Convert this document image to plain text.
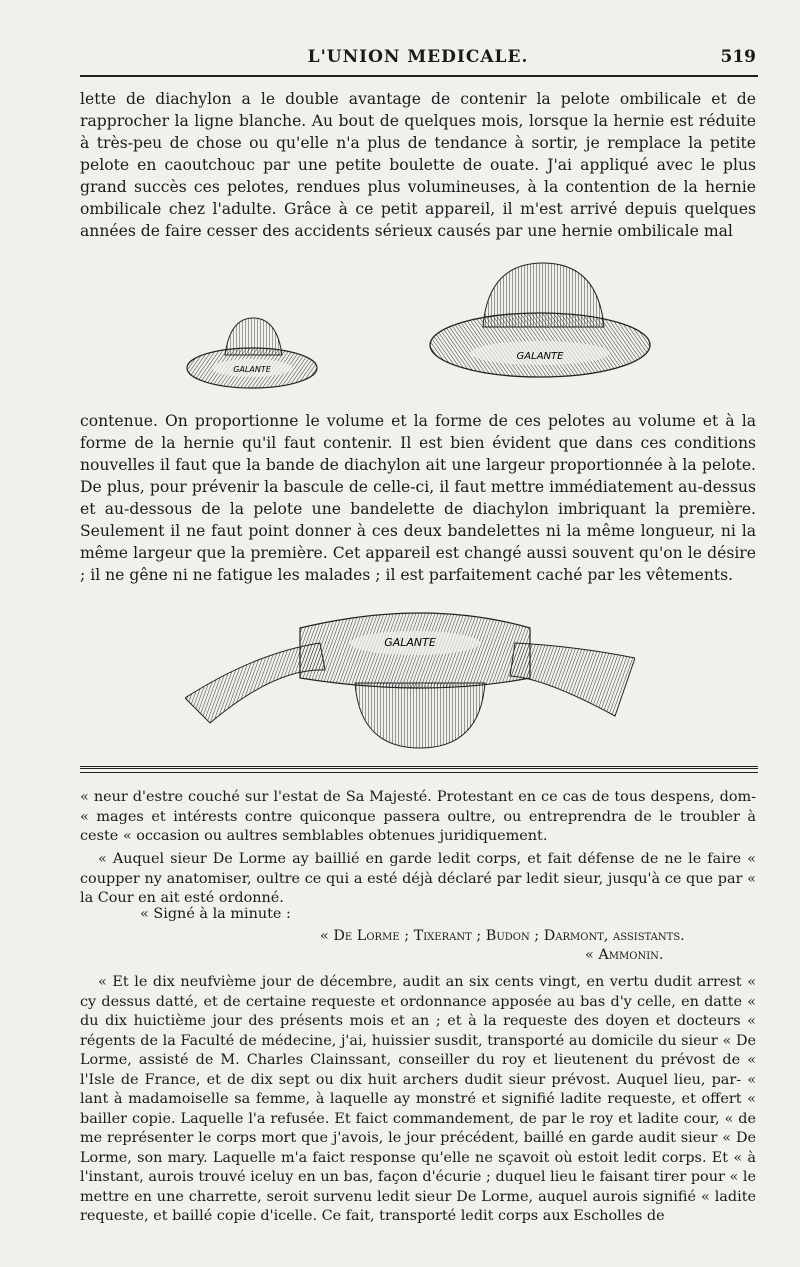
L'UNION MEDICALE.	519

lette de diachylon a le double avantage de contenir la pelote ombilicale et de rapprocher la ligne blanche. Au bout de quelques mois, lorsque la hernie est réduite à très-peu de chose ou qu'elle n'a plus de tendance à sortir, je remplace la petite pelote en caoutchouc par une petite boulette de ouate. J'ai appliqué avec le plus grand succès ces pelotes, rendues plus volumineuses, à la contention de la hernie ombilicale chez l'adulte. Grâce à ce petit appareil, il m'est arrivé depuis quelques années de faire cesser des accidents sérieux causés par une hernie ombilicale mal

GALANTE
GALANTE

contenue. On proportionne le volume et la forme de ces pelotes au volume et à la forme de la hernie qu'il faut contenir. Il est bien évident que dans ces conditions nouvelles il faut que la bande de diachylon ait une largeur proportionnée à la pelote. De plus, pour prévenir la bascule de celle-ci, il faut mettre immédiatement au-dessus et au-dessous de la pelote une bandelette de diachylon imbriquant la première. Seulement il ne faut point donner à ces deux bandelettes ni la même longueur, ni la même largeur que la première. Cet appareil est changé aussi souvent qu'on le désire ; il ne gêne ni ne fatigue les malades ; il est parfaitement caché par les vêtements.

GALANTE

« neur d'estre couché sur l'estat de Sa Majesté. Protestant en ce cas de tous despens, dom- « mages et intérests contre quiconque passera oultre, ou entreprendra de le troubler à ceste « occasion ou aultres semblables obtenues juridiquement.

« Auquel sieur De Lorme ay baillié en garde ledit corps, et fait défense de ne le faire « coupper ny anatomiser, oultre ce qui a esté déjà déclaré par ledit sieur, jusqu'à ce que par « la Cour en ait esté ordonné.

« Signé à la minute :
« De Lorme ; Tixerant ; Budon ; Darmont, assistants.
« Ammonin.

« Et le dix neufvième jour de décembre, audit an six cents vingt, en vertu dudit arrest « cy dessus datté, et de certaine requeste et ordonnance apposée au bas d'y celle, en datte « du dix huictième jour des présents mois et an ; et à la requeste des doyen et docteurs « régents de la Faculté de médecine, j'ai, huissier susdit, transporté au domicile du sieur « De Lorme, assisté de M. Charles Clainssant, conseiller du roy et lieutenent du prévost de « l'Isle de France, et de dix sept ou dix huit archers dudit sieur prévost. Auquel lieu, par- « lant à madamoiselle sa femme, à laquelle ay monstré et signifié ladite requeste, et offert « bailler copie. Laquelle l'a refusée. Et faict commandement, de par le roy et ladite cour, « de me représenter le corps mort que j'avois, le jour précédent, baillé en garde audit sieur « De Lorme, son mary. Laquelle m'a faict response qu'elle ne sçavoit où estoit ledit corps. Et « à l'instant, aurois trouvé iceluy en un bas, façon d'écurie ; duquel lieu le faisant tirer pour « le mettre en une charrette, seroit survenu ledit sieur De Lorme, auquel aurois signifié « ladite requeste, et baillé copie d'icelle. Ce fait, transporté ledit corps aux Escholles de
